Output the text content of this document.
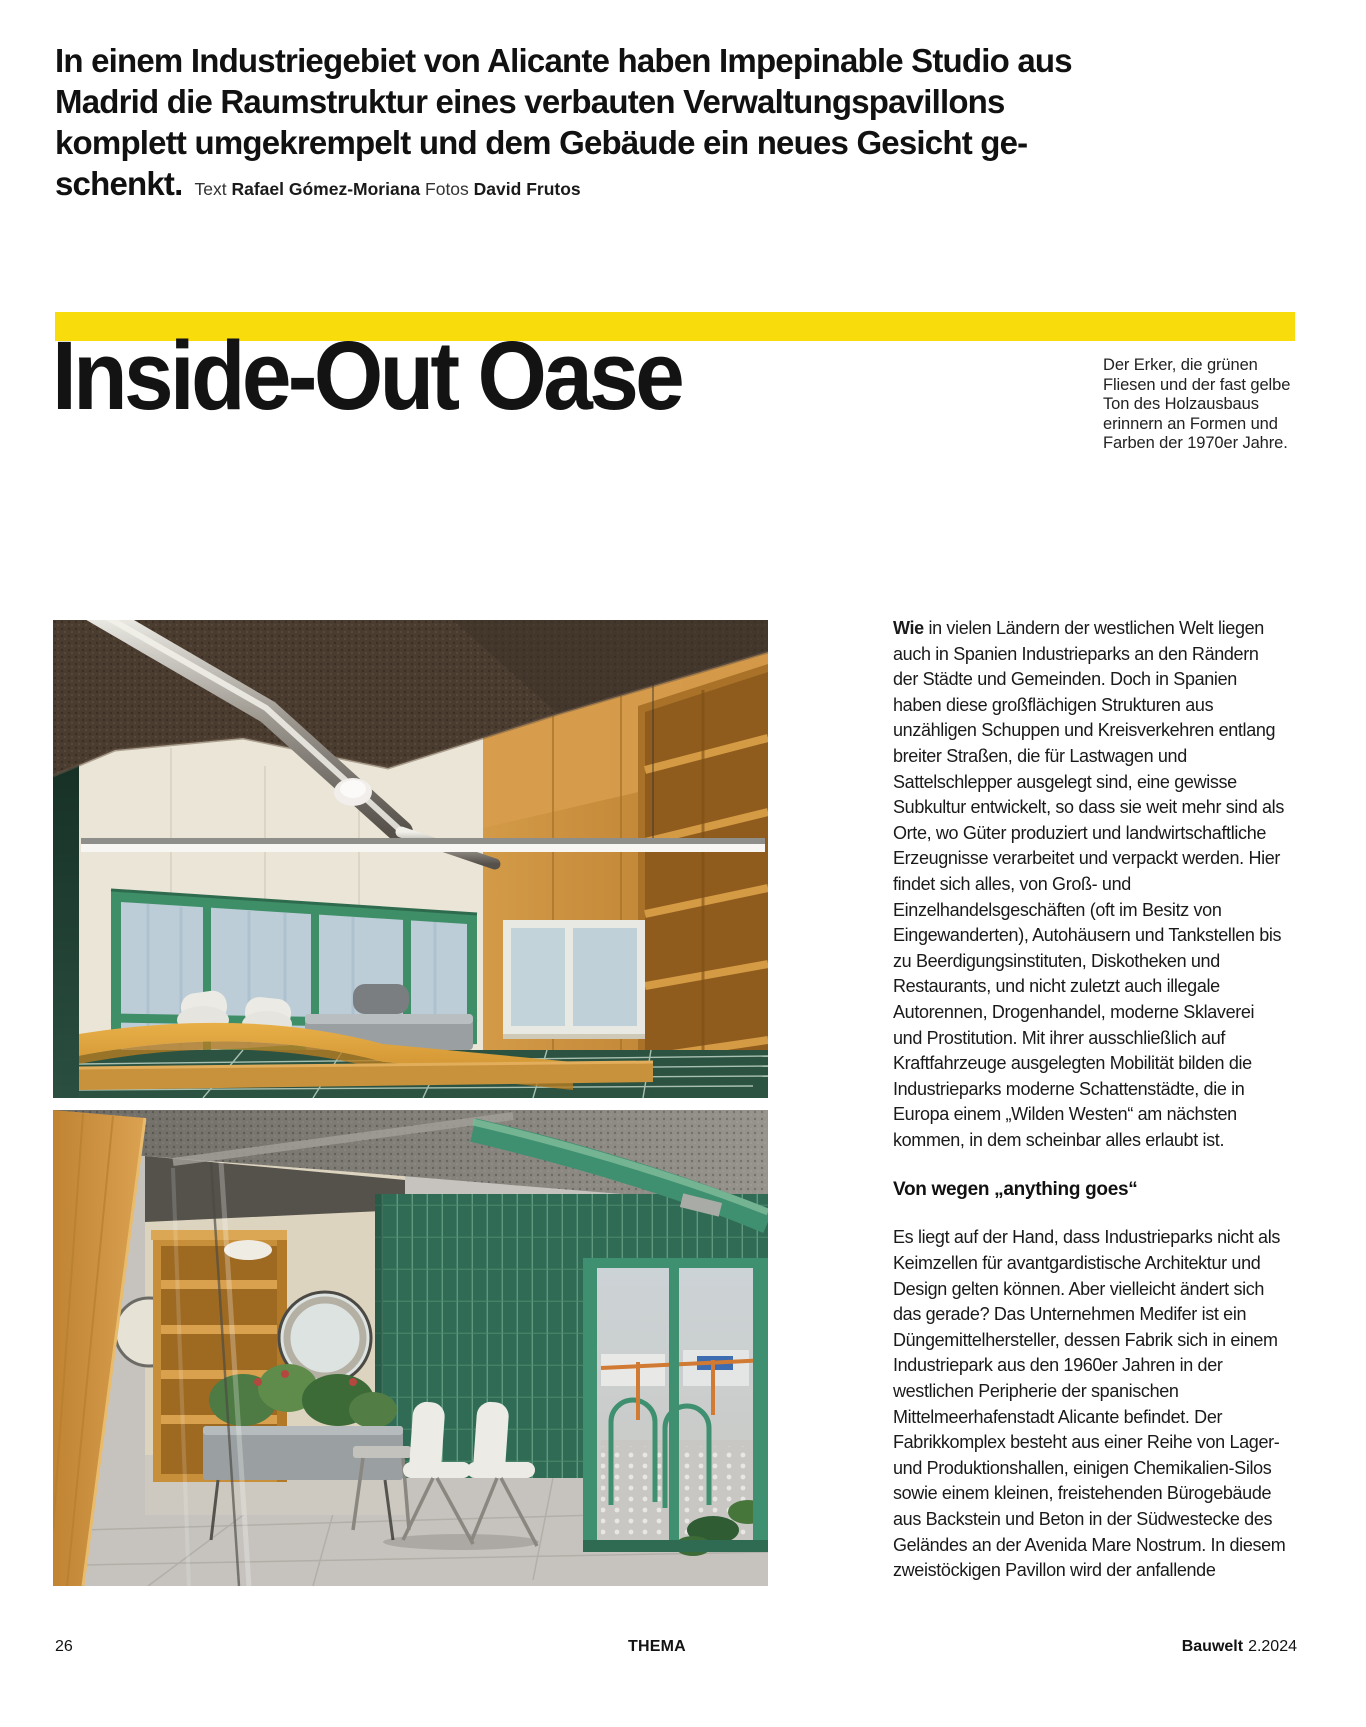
In einem Industriegebiet von Alicante haben Impepinable Studio aus
Madrid die Raumstruktur eines verbauten Verwaltungspavillons
komplett umgekrempelt und dem Gebäude ein neues Gesicht ge-
schenkt. Text Rafael Gómez-Moriana Fotos David Frutos
Inside-Out Oase	Der Erker, die grünen Fliesen und der fast gelbe Ton des Holzausbaus erinnern an Formen und Farben der 1970er Jahre.

Wie in vielen Ländern der westlichen Welt liegen auch in Spanien Industrieparks an den Rändern der Städte und Gemeinden. Doch in Spanien haben diese großflächigen Strukturen aus unzähligen Schuppen und Kreisverkehren entlang breiter Straßen, die für Lastwagen und Sattelschlepper ausgelegt sind, eine gewisse Subkultur entwickelt, so dass sie weit mehr sind als Orte, wo Güter produziert und landwirtschaftliche Erzeugnisse verarbeitet und verpackt werden. Hier findet sich alles, von Groß- und Einzelhandelsgeschäften (oft im Besitz von Eingewanderten), Autohäusern und Tankstellen bis zu Beerdigungsinstituten, Diskotheken und Restaurants, und nicht zuletzt auch illegale Autorennen, Drogenhandel, moderne Sklaverei und Prostitution. Mit ihrer ausschließlich auf Kraftfahrzeuge ausgelegten Mobilität bilden die Industrieparks moderne Schattenstädte, die in Europa einem „Wilden Westen“ am nächsten kommen, in dem scheinbar alles erlaubt ist.

Von wegen „anything goes“

Es liegt auf der Hand, dass Industrieparks nicht als Keimzellen für avantgardistische Architektur und Design gelten können. Aber vielleicht ändert sich das gerade? Das Unternehmen Medifer ist ein Düngemittelhersteller, dessen Fabrik sich in einem Industriepark aus den 1960er Jahren in der westlichen Peripherie der spanischen Mittelmeerhafenstadt Alicante befindet. Der Fabrikkomplex besteht aus einer Reihe von Lager- und Produktionshallen, einigen Chemikalien-Silos sowie einem kleinen, freistehenden Bürogebäude aus Backstein und Beton in der Südwestecke des Geländes an der Avenida Mare Nostrum. In diesem zweistöckigen Pavillon wird der anfallende

26	THEMA	Bauwelt 2.2024
